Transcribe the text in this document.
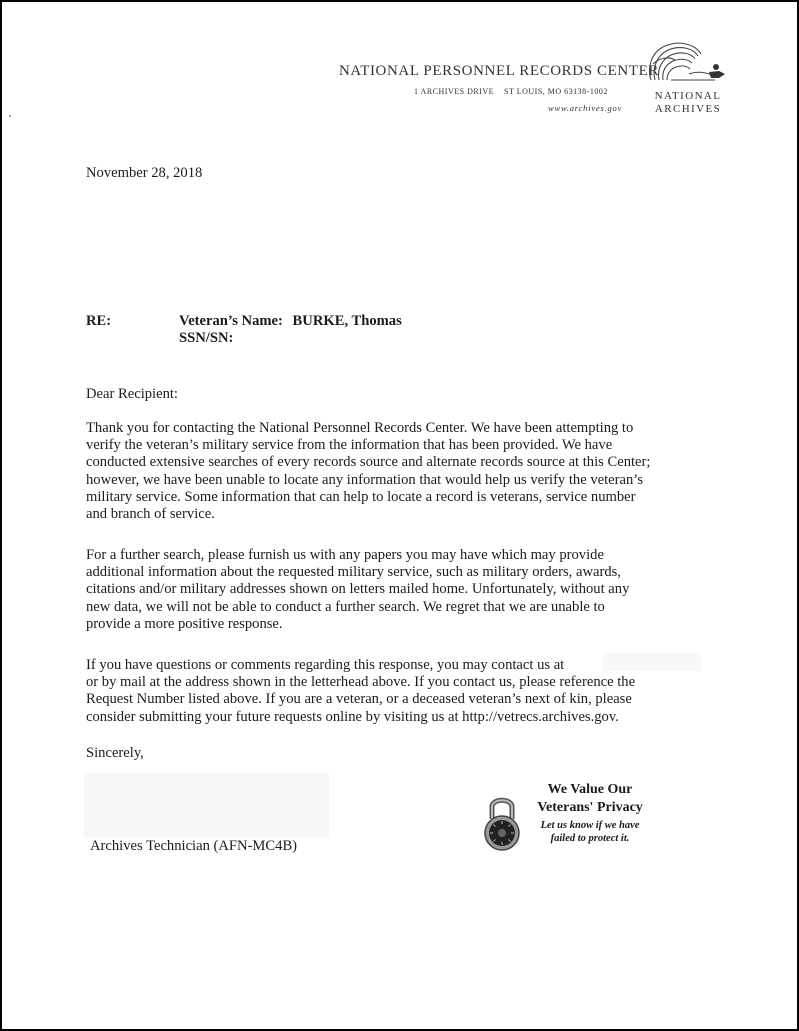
NATIONAL PERSONNEL RECORDS CENTER
1 ARCHIVES DRIVE ST LOUIS, MO 63138-1002
www.archives.gov
NATIONAL
ARCHIVES
November 28, 2018
RE:	Veteran’s Name: BURKE, Thomas
SSN/SN:
Dear Recipient:

Thank you for contacting the National Personnel Records Center. We have been attempting to

verify the veteran’s military service from the information that has been provided. We have

conducted extensive searches of every records source and alternate records source at this Center;

however, we have been unable to locate any information that would help us verify the veteran’s

military service. Some information that can help to locate a record is veterans, service number

and branch of service.

For a further search, please furnish us with any papers you may have which may provide

additional information about the requested military service, such as military orders, awards,

citations and/or military addresses shown on letters mailed home. Unfortunately, without any

new data, we will not be able to conduct a further search. We regret that we are unable to

provide a more positive response.

If you have questions or comments regarding this response, you may contact us at

or by mail at the address shown in the letterhead above. If you contact us, please reference the

Request Number listed above. If you are a veteran, or a deceased veteran’s next of kin, please

consider submitting your future requests online by visiting us at http://vetrecs.archives.gov.

Sincerely,
Archives Technician (AFN-MC4B)
We Value Our
Veterans' Privacy
Let us know if we have
failed to protect it.
